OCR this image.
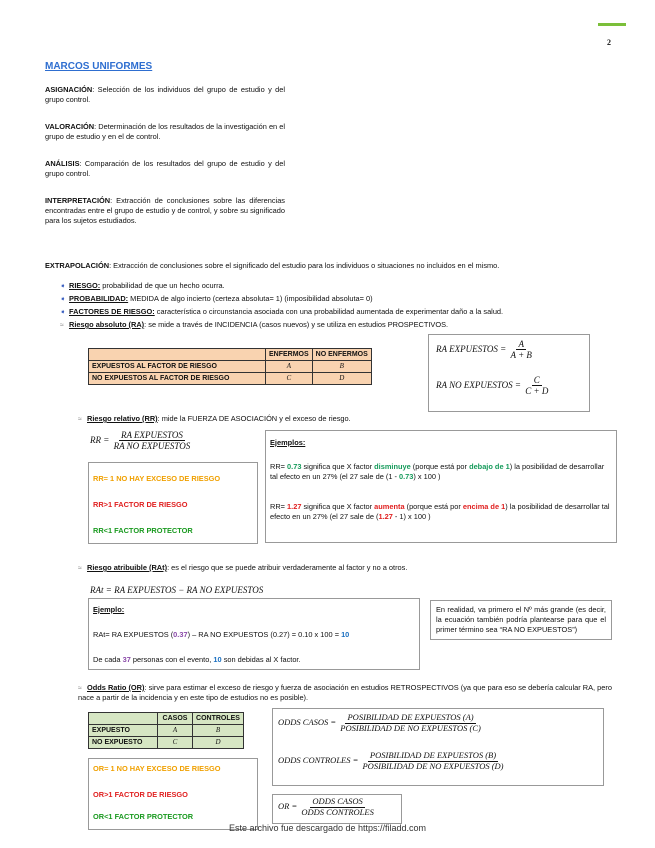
2
MARCOS UNIFORMES
ASIGNACIÓN: Selección de los individuos del grupo de estudio y del grupo control.
VALORACIÓN: Determinación de los resultados de la investigación en el grupo de estudio y en el de control.
ANÁLISIS: Comparación de los resultados del grupo de estudio y del grupo control.
INTERPRETACIÓN: Extracción de conclusiones sobre las diferencias encontradas entre el grupo de estudio y de control, y sobre su significado para los sujetos estudiados.
EXTRAPOLACIÓN: Extracción de conclusiones sobre el significado del estudio para los individuos o situaciones no incluidos en el mismo.
➧ RIESGO: probabilidad de que un hecho ocurra.
➧ PROBABILIDAD: MEDIDA de algo incierto (certeza absoluta= 1) (imposibilidad absoluta= 0)
➧ FACTORES DE RIESGO: característica o circunstancia asociada con una probabilidad aumentada de experimentar daño a la salud.
≈ Riesgo absoluto (RA): se mide a través de INCIDENCIA (casos nuevos) y se utiliza en estudios PROSPECTIVOS.
	ENFERMOS	NO ENFERMOS
EXPUESTOS AL FACTOR DE RIESGO	A	B
NO EXPUESTOS AL FACTOR DE RIESGO	C	D
RA EXPUESTOS = $\frac{A}{A + B}$
RA NO EXPUESTOS = $\frac{C}{C + D}$
≈ Riesgo relativo (RR): mide la FUERZA DE ASOCIACIÓN y el exceso de riesgo.
RR = $\frac{\text{RA EXPUESTOS}}{\text{RA NO EXPUESTOS}}$
RR= 1 NO HAY EXCESO DE RIESGO
RR>1 FACTOR DE RIESGO
RR<1 FACTOR PROTECTOR
Ejemplos:
RR= 0.73 significa que X factor disminuye (porque está por debajo de 1) la posibilidad de desarrollar tal efecto en un 27% (el 27 sale de (1 - 0.73) x 100 )
RR= 1.27 significa que X factor aumenta (porque está por encima de 1) la posibilidad de desarrollar tal efecto en un 27% (el 27 sale de (1.27 - 1) x 100 )
≈ Riesgo atribuible (RAt): es el riesgo que se puede atribuir verdaderamente al factor y no a otros.
RAt = RA EXPUESTOS − RA NO EXPUESTOS
Ejemplo:
RAt= RA EXPUESTOS (0.37) – RA NO EXPUESTOS (0.27) = 0.10 x 100 = 10
De cada 37 personas con el evento, 10 son debidas al X factor.
En realidad, va primero el Nº más grande (es decir, la ecuación también podría plantearse para que el primer término sea “RA NO EXPUESTOS”)
≈ Odds Ratio (OR): sirve para estimar el exceso de riesgo y fuerza de asociación en estudios RETROSPECTIVOS (ya que para eso se debería calcular RA, pero nace a partir de la incidencia y en este tipo de estudios no es posible).
	CASOS	CONTROLES
EXPUESTO	A	B
NO EXPUESTO	C	D
ODDS CASOS = $\frac{\text{POSIBILIDAD DE EXPUESTOS (A)}}{\text{POSIBILIDAD DE NO EXPUESTOS (C)}}$
ODDS CONTROLES = $\frac{\text{POSIBILIDAD DE EXPUESTOS (B)}}{\text{POSIBILIDAD DE NO EXPUESTOS (D)}}$
OR= 1 NO HAY EXCESO DE RIESGO
OR>1 FACTOR DE RIESGO
OR<1 FACTOR PROTECTOR
OR = $\frac{\text{ODDS CASOS}}{\text{ODDS CONTROLES}}$
Este archivo fue descargado de https://filadd.com
